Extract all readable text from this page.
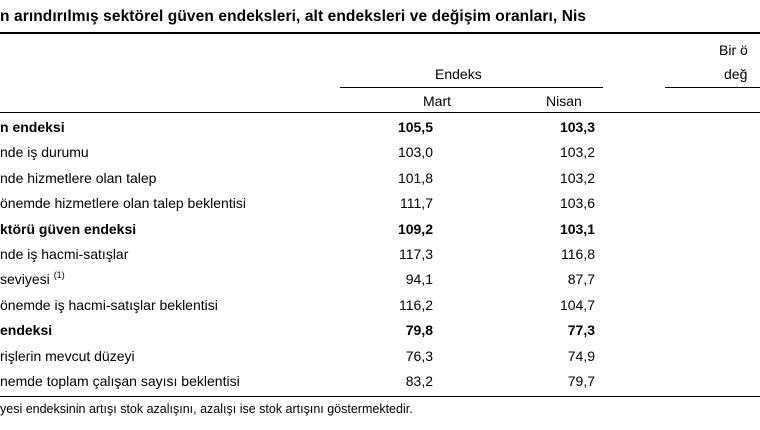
n arındırılmış sektörel güven endeksleri, alt endeksleri ve değişim oranları, Nis
Bir ö
değ
Endeks
Mart	Nisan
n endeksi	105,5	103,3
nde iş durumu	103,0	103,2
nde hizmetlere olan talep	101,8	103,2
önemde hizmetlere olan talep beklentisi	111,7	103,6
ktörü güven endeksi	109,2	103,1
nde iş hacmi-satışlar	117,3	116,8
seviyesi $^{(1)}$	94,1	87,7
önemde iş hacmi-satışlar beklentisi	116,2	104,7
endeksi	79,8	77,3
rişlerin mevcut düzeyi	76,3	74,9
nemde toplam çalışan sayısı beklentisi	83,2	79,7
yesi endeksinin artışı stok azalışını, azalışı ise stok artışını göstermektedir.
